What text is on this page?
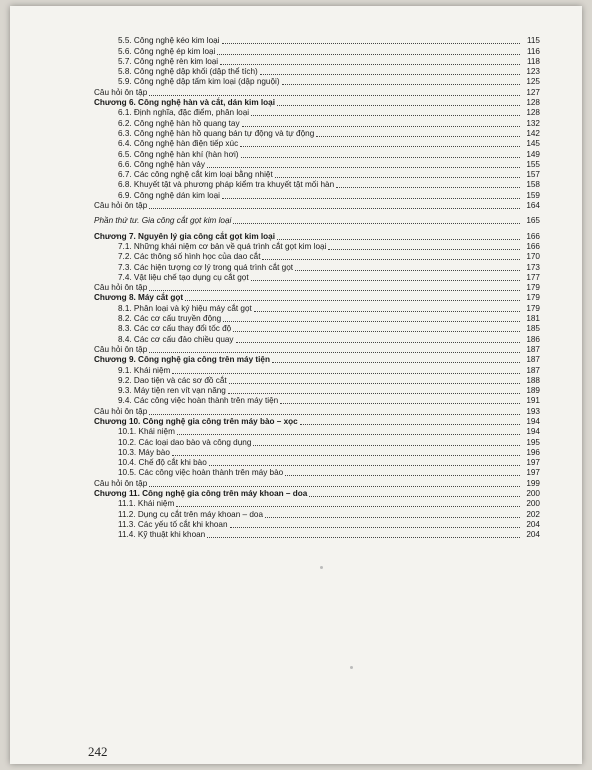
5.5. Công nghệ kéo kim loại	115
5.6. Công nghệ ép kim loại	116
5.7. Công nghệ rèn kim loại	118
5.8. Công nghệ dập khối (dập thể tích)	123
5.9. Công nghệ dập tấm kim loại (dập nguội)	125
Câu hỏi ôn tập	127
Chương 6. Công nghệ hàn và cắt, dán kim loại	128
6.1. Định nghĩa, đặc điểm, phân loại	128
6.2. Công nghệ hàn hồ quang tay	132
6.3. Công nghệ hàn hồ quang bán tự động và tự động	142
6.4. Công nghệ hàn điện tiếp xúc	145
6.5. Công nghệ hàn khí (hàn hơi)	149
6.6. Công nghệ hàn vảy	155
6.7. Các công nghệ cắt kim loại bằng nhiệt	157
6.8. Khuyết tật và phương pháp kiểm tra khuyết tật mối hàn	158
6.9. Công nghệ dán kim loại	159
Câu hỏi ôn tập	164
Phần thứ tư. Gia công cắt gọt kim loại	165
Chương 7. Nguyên lý gia công cắt gọt kim loại	166
7.1. Những khái niệm cơ bản về quá trình cắt gọt kim loại	166
7.2. Các thông số hình học của dao cắt	170
7.3. Các hiện tượng cơ lý trong quá trình cắt gọt	173
7.4. Vật liệu chế tạo dụng cụ cắt gọt	177
Câu hỏi ôn tập	179
Chương 8. Máy cắt gọt	179
8.1. Phân loại và ký hiệu máy cắt gọt	179
8.2. Các cơ cấu truyền động	181
8.3. Các cơ cấu thay đổi tốc độ	185
8.4. Các cơ cấu đảo chiều quay	186
Câu hỏi ôn tập	187
Chương 9. Công nghệ gia công trên máy tiện	187
9.1. Khái niệm	187
9.2. Dao tiện và các sơ đồ cắt	188
9.3. Máy tiện ren vít vạn năng	189
9.4. Các công việc hoàn thành trên máy tiện	191
Câu hỏi ôn tập	193
Chương 10. Công nghệ gia công trên máy bào – xọc	194
10.1. Khái niệm	194
10.2. Các loại dao bào và công dụng	195
10.3. Máy bào	196
10.4. Chế độ cắt khi bào	197
10.5. Các công việc hoàn thành trên máy bào	197
Câu hỏi ôn tập	199
Chương 11. Công nghệ gia công trên máy khoan – doa	200
11.1. Khái niệm	200
11.2. Dụng cụ cắt trên máy khoan – doa	202
11.3. Các yếu tố cắt khi khoan	204
11.4. Kỹ thuật khi khoan	204
242
